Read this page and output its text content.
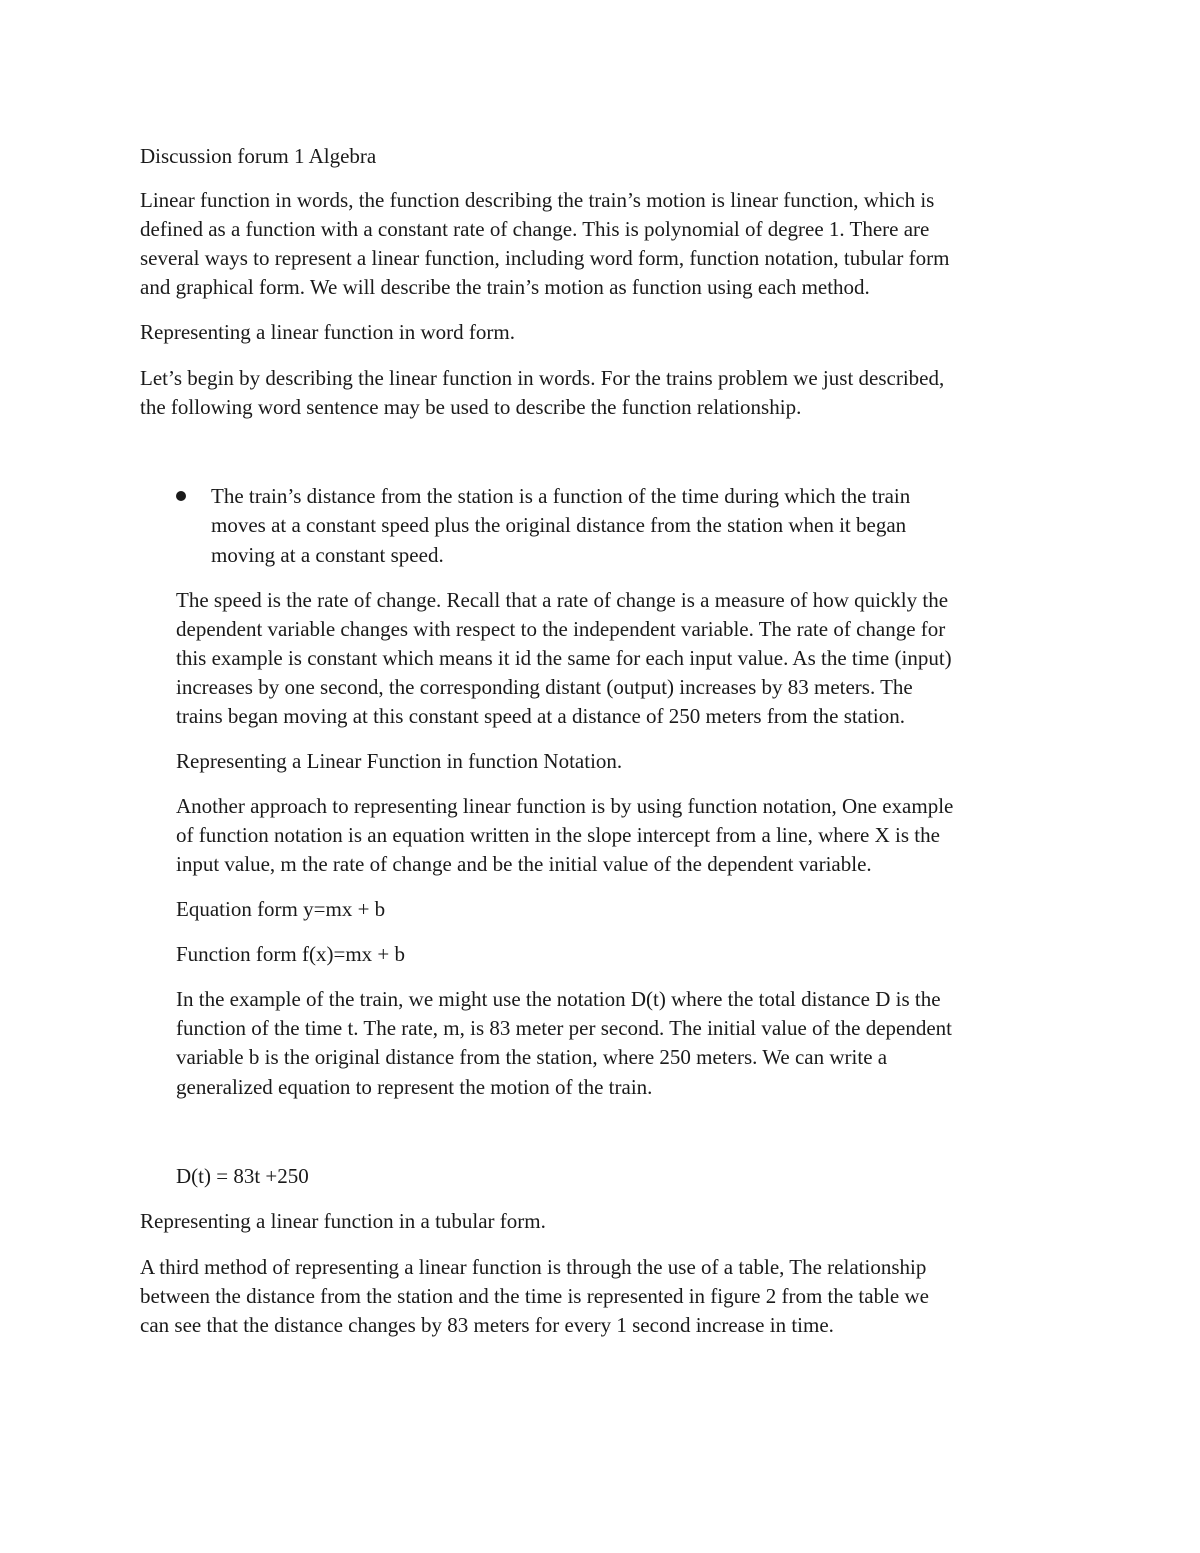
Discussion forum 1 Algebra

Linear function in words, the function describing the train’s motion is linear function, which is

defined as a function with a constant rate of change. This is polynomial of degree 1. There are

several ways to represent a linear function, including word form, function notation, tubular form

and graphical form. We will describe the train’s motion as function using each method.

Representing a linear function in word form.

Let’s begin by describing the linear function in words. For the trains problem we just described,

the following word sentence may be used to describe the function relationship.

The train’s distance from the station is a function of the time during which the train

moves at a constant speed plus the original distance from the station when it began

moving at a constant speed.

The speed is the rate of change. Recall that a rate of change is a measure of how quickly the

dependent variable changes with respect to the independent variable. The rate of change for

this example is constant which means it id the same for each input value. As the time (input)

increases by one second, the corresponding distant (output) increases by 83 meters. The

trains began moving at this constant speed at a distance of 250 meters from the station.

Representing a Linear Function in function Notation.

Another approach to representing linear function is by using function notation, One example

of function notation is an equation written in the slope intercept from a line, where X is the

input value, m the rate of change and be the initial value of the dependent variable.

Equation form y=mx + b

Function form f(x)=mx + b

In the example of the train, we might use the notation D(t) where the total distance D is the

function of the time t. The rate, m, is 83 meter per second. The initial value of the dependent

variable b is the original distance from the station, where 250 meters. We can write a

generalized equation to represent the motion of the train.

D(t) = 83t +250

Representing a linear function in a tubular form.

A third method of representing a linear function is through the use of a table, The relationship

between the distance from the station and the time is represented in figure 2 from the table we

can see that the distance changes by 83 meters for every 1 second increase in time.
